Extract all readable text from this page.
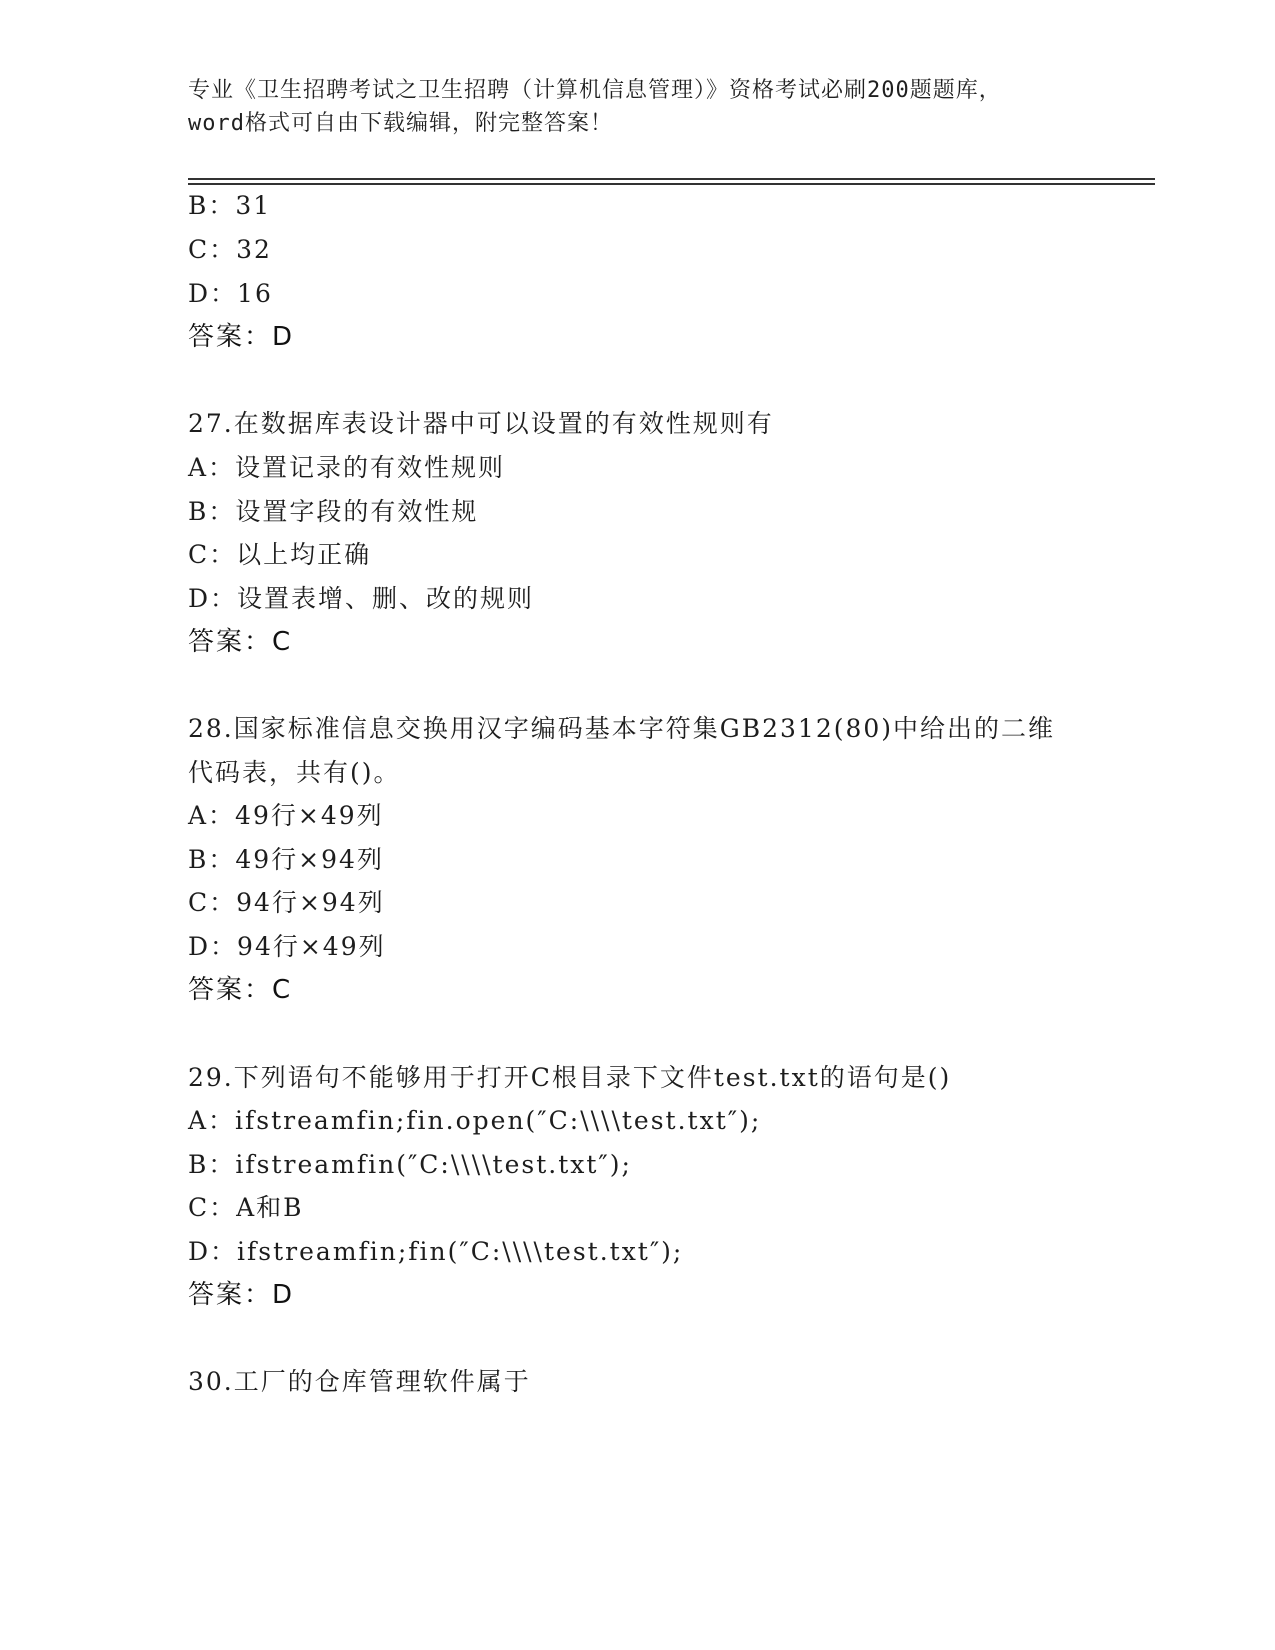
专业《卫生招聘考试之卫生招聘（计算机信息管理）》资格考试必刷200题题库，
word格式可自由下载编辑，附完整答案！
B：31
C：32
D：16
答案：D
27.在数据库表设计器中可以设置的有效性规则有
A：设置记录的有效性规则
B：设置字段的有效性规
C：以上均正确
D：设置表增、删、改的规则
答案：C
28.国家标准信息交换用汉字编码基本字符集GB2312(80)中给出的二维
代码表，共有()。
A：49行×49列
B：49行×94列
C：94行×94列
D：94行×49列
答案：C
29.下列语句不能够用于打开C根目录下文件test.txt的语句是()
A：ifstreamfin;fin.open(″C:\\\\test.txt″);
B：ifstreamfin(″C:\\\\test.txt″);
C：A和B
D：ifstreamfin;fin(″C:\\\\test.txt″);
答案：D
30.工厂的仓库管理软件属于
